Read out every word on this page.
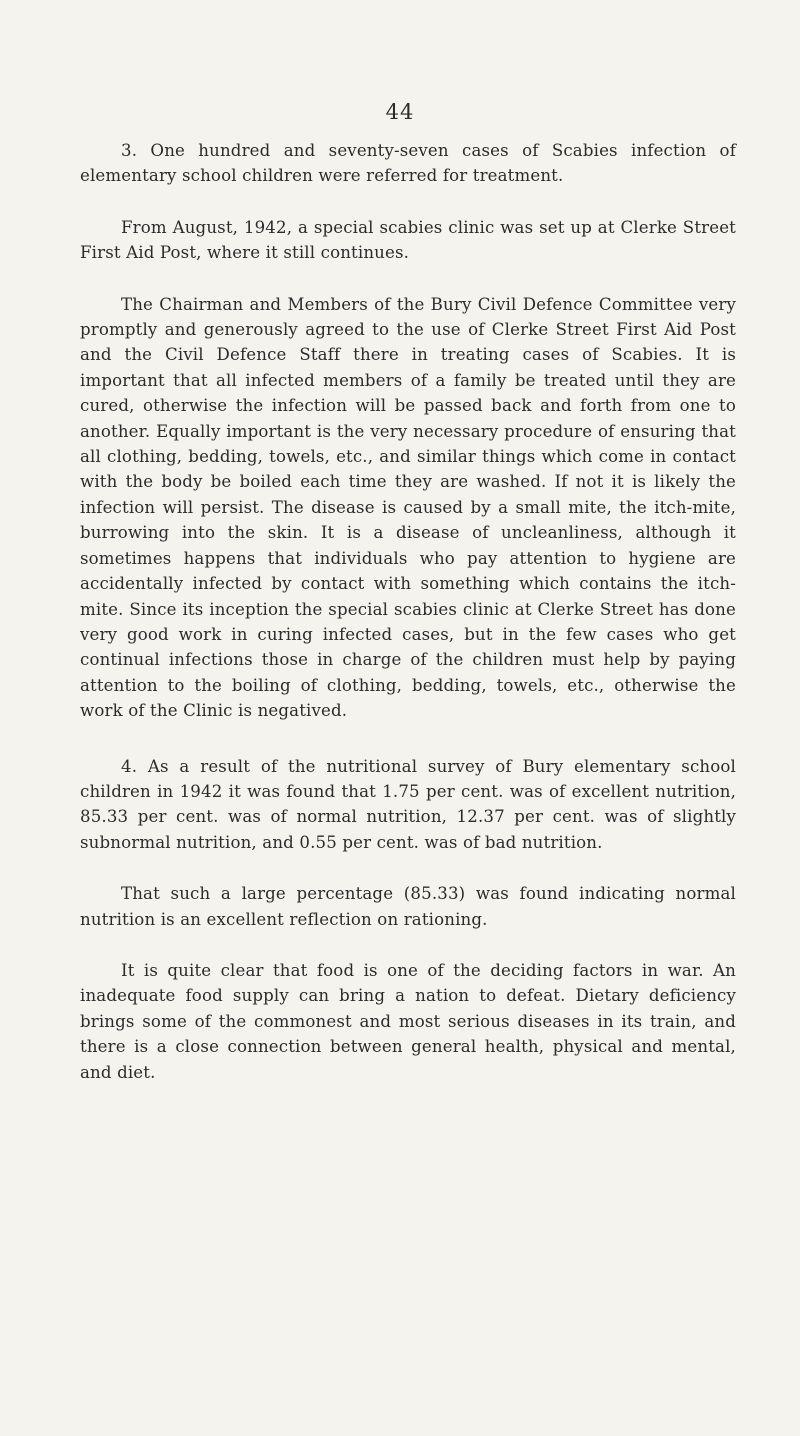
44

3. One hundred and seventy-seven cases of Scabies infection of elementary school children were referred for treatment.

From August, 1942, a special scabies clinic was set up at Clerke Street First Aid Post, where it still continues.

The Chairman and Members of the Bury Civil Defence Committee very promptly and generously agreed to the use of Clerke Street First Aid Post and the Civil Defence Staff there in treating cases of Scabies. It is important that all infected members of a family be treated until they are cured, otherwise the infection will be passed back and forth from one to another. Equally important is the very necessary procedure of ensuring that all clothing, bedding, towels, etc., and similar things which come in contact with the body be boiled each time they are washed. If not it is likely the infection will persist. The disease is caused by a small mite, the itch-mite, burrowing into the skin. It is a disease of uncleanliness, although it sometimes happens that individuals who pay attention to hygiene are accidentally infected by contact with something which contains the itch-mite. Since its inception the special scabies clinic at Clerke Street has done very good work in curing infected cases, but in the few cases who get continual infections those in charge of the children must help by paying attention to the boiling of clothing, bedding, towels, etc., otherwise the work of the Clinic is negatived.

4. As a result of the nutritional survey of Bury elementary school children in 1942 it was found that 1.75 per cent. was of excellent nutrition, 85.33 per cent. was of normal nutrition, 12.37 per cent. was of slightly subnormal nutrition, and 0.55 per cent. was of bad nutrition.

That such a large percentage (85.33) was found indicating normal nutrition is an excellent reflection on rationing.

It is quite clear that food is one of the deciding factors in war. An inadequate food supply can bring a nation to defeat. Dietary deficiency brings some of the commonest and most serious diseases in its train, and there is a close connection between general health, physical and mental, and diet.
